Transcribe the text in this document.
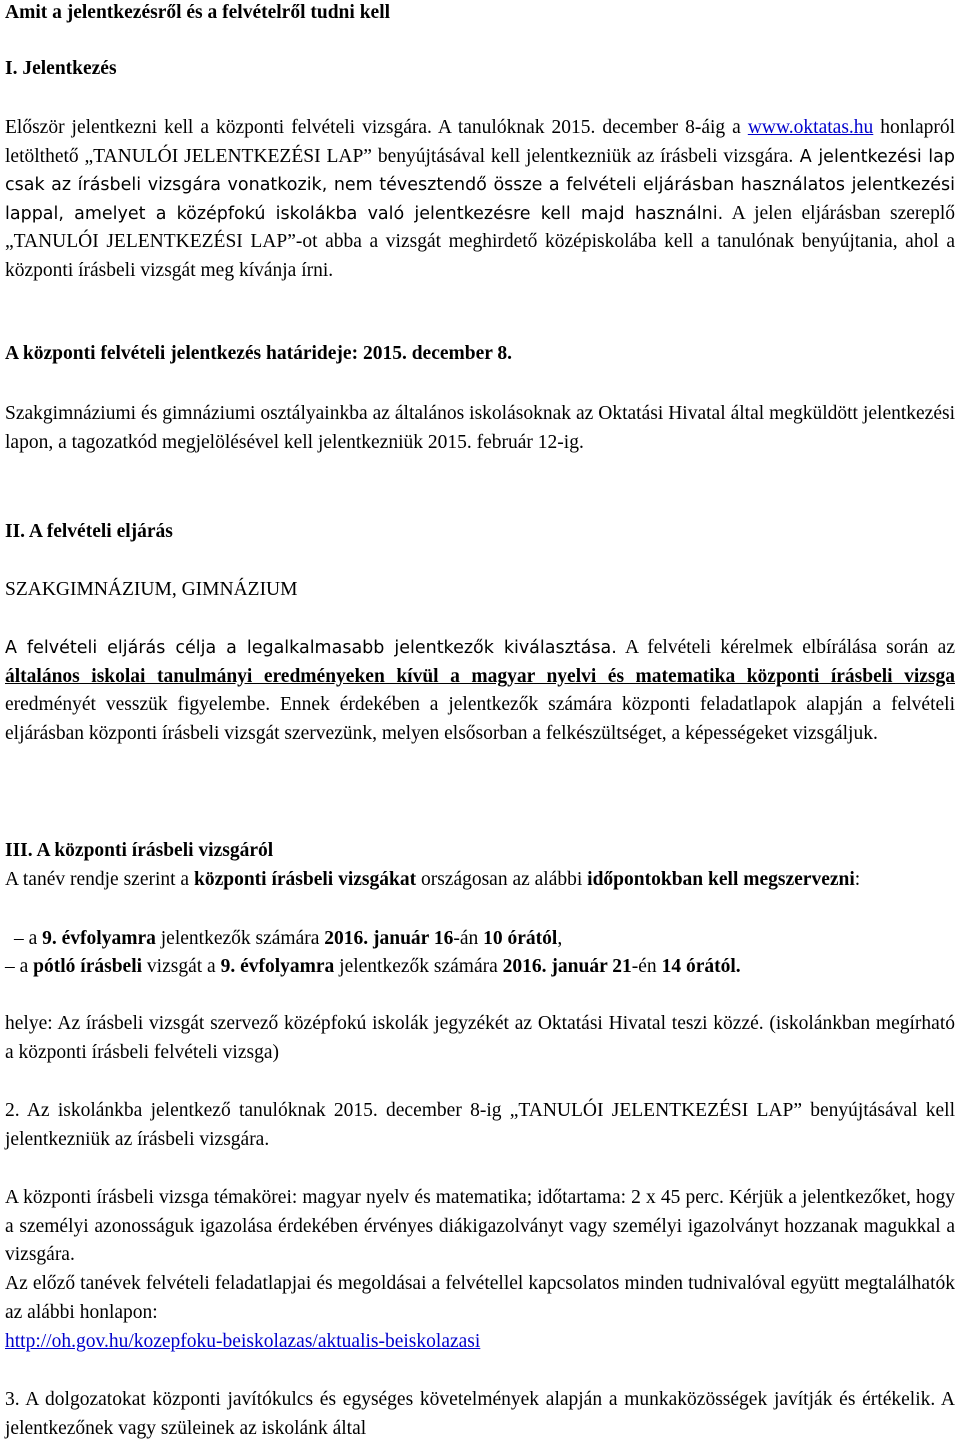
Amit a jelentkezésről és a felvételről tudni kell

I. Jelentkezés

Először jelentkezni kell a központi felvételi vizsgára. A tanulóknak 2015. december 8-áig a www.oktatas.hu honlapról letölthető „TANULÓI JELENTKEZÉSI LAP” benyújtásával kell jelentkezniük az írásbeli vizsgára. A jelentkezési lap csak az írásbeli vizsgára vonatkozik, nem tévesztendő össze a felvételi eljárásban használatos jelentkezési lappal, amelyet a középfokú iskolákba való jelentkezésre kell majd használni. A jelen eljárásban szereplő „TANULÓI JELENTKEZÉSI LAP”-ot abba a vizsgát meghirdető középiskolába kell a tanulónak benyújtania, ahol a központi írásbeli vizsgát meg kívánja írni.

A központi felvételi jelentkezés határideje: 2015. december 8.

Szakgimnáziumi és gimnáziumi osztályainkba az általános iskolásoknak az Oktatási Hivatal által megküldött jelentkezési lapon, a tagozatkód megjelölésével kell jelentkezniük 2015. február 12-ig.

II. A felvételi eljárás

SZAKGIMNÁZIUM, GIMNÁZIUM

A felvételi eljárás célja a legalkalmasabb jelentkezők kiválasztása. A felvételi kérelmek elbírálása során az általános iskolai tanulmányi eredményeken kívül a magyar nyelvi és matematika központi írásbeli vizsga eredményét vesszük figyelembe. Ennek érdekében a jelentkezők számára központi feladatlapok alapján a felvételi eljárásban központi írásbeli vizsgát szervezünk, melyen elsősorban a felkészültséget, a képességeket vizsgáljuk.

III. A központi írásbeli vizsgáról

A tanév rendje szerint a központi írásbeli vizsgákat országosan az alábbi időpontokban kell megszervezni:

– a 9. évfolyamra jelentkezők számára 2016. január 16-án 10 órától,

– a pótló írásbeli vizsgát a 9. évfolyamra jelentkezők számára 2016. január 21-én 14 órától.

helye: Az írásbeli vizsgát szervező középfokú iskolák jegyzékét az Oktatási Hivatal teszi közzé. (iskolánkban megírható a központi írásbeli felvételi vizsga)

2. Az iskolánkba jelentkező tanulóknak 2015. december 8-ig „TANULÓI JELENTKEZÉSI LAP” benyújtásával kell jelentkezniük az írásbeli vizsgára.

A központi írásbeli vizsga témakörei: magyar nyelv és matematika; időtartama: 2 x 45 perc. Kérjük a jelentkezőket, hogy a személyi azonosságuk igazolása érdekében érvényes diákigazolványt vagy személyi igazolványt hozzanak magukkal a vizsgára.

Az előző tanévek felvételi feladatlapjai és megoldásai a felvétellel kapcsolatos minden tudnivalóval együtt megtalálhatók az alábbi honlapon:

http://oh.gov.hu/kozepfoku-beiskolazas/aktualis-beiskolazasi

3. A dolgozatokat központi javítókulcs és egységes követelmények alapján a munkaközösségek javítják és értékelik. A jelentkezőnek vagy szüleinek az iskolánk által
